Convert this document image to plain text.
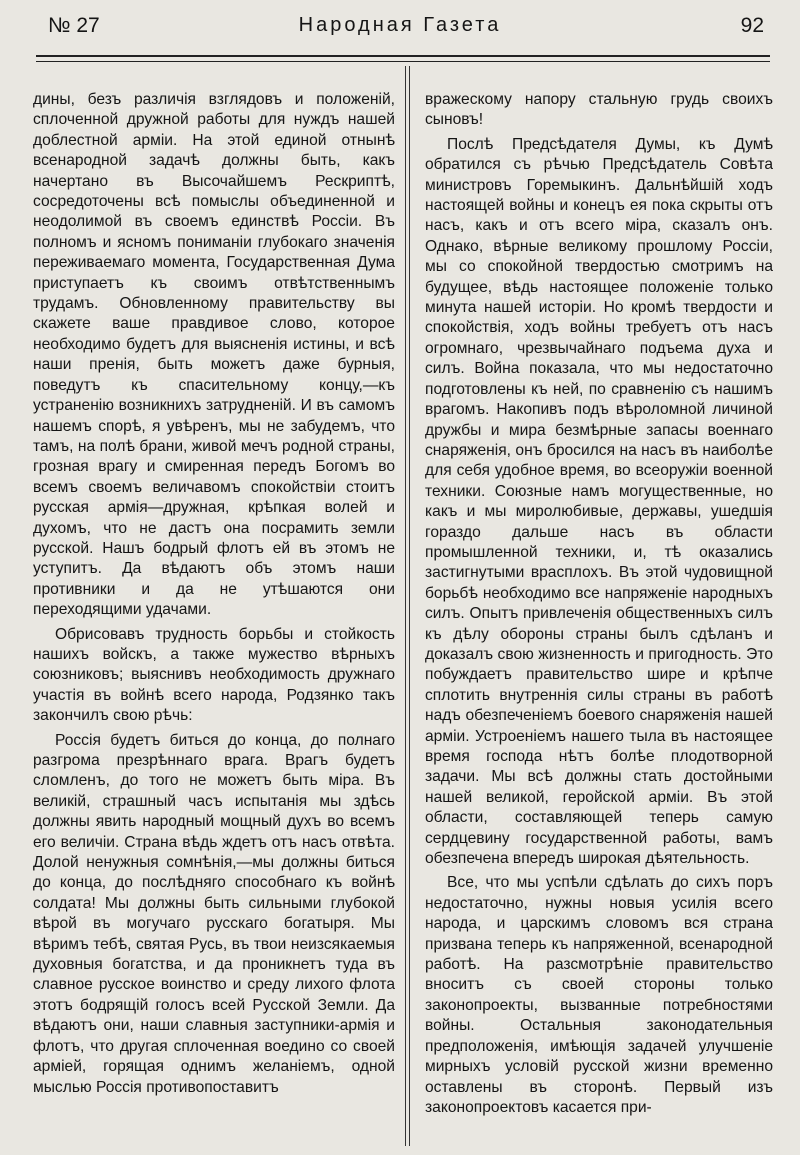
№ 27	Народная Газета	92

дины, безъ различія взглядовъ и положеній, сплоченной дружной работы для нуждъ нашей доблестной арміи. На этой единой отнынѣ всенародной задачѣ должны быть, какъ начертано въ Высочайшемъ Рескриптѣ, сосредоточены всѣ помыслы объединенной и неодолимой въ своемъ единствѣ Россіи. Въ полномъ и ясномъ пониманіи глубокаго значенія переживаемаго момента, Государственная Дума приступаетъ къ своимъ отвѣтственнымъ трудамъ. Обновленному правительству вы скажете ваше правдивое слово, которое необходимо будетъ для выясненія истины, и всѣ наши пренія, быть можетъ даже бурныя, поведутъ къ спасительному концу,—къ устраненію возникнихъ затрудненій. И въ самомъ нашемъ спорѣ, я увѣренъ, мы не забудемъ, что тамъ, на полѣ брани, живой мечъ родной страны, грозная врагу и смиренная передъ Богомъ во всемъ своемъ величавомъ спокойствіи стоитъ русская армія—дружная, крѣпкая волей и духомъ, что не дастъ она посрамить земли русской. Нашъ бодрый флотъ ей въ этомъ не уступитъ. Да вѣдаютъ объ этомъ наши противники и да не утѣшаются они переходящими удачами.

Обрисовавъ трудность борьбы и стойкость нашихъ войскъ, а также мужество вѣрныхъ союзниковъ; выяснивъ необходимость дружнаго участія въ войнѣ всего народа, Родзянко такъ закончилъ свою рѣчь:

Россія будетъ биться до конца, до полнаго разгрома презрѣннаго врага. Врагъ будетъ сломленъ, до того не можетъ быть міра. Въ великій, страшный часъ испытанія мы здѣсь должны явить народный мощный духъ во всемъ его величіи. Страна вѣдь ждетъ отъ насъ отвѣта. Долой ненужныя сомнѣнія,—мы должны биться до конца, до послѣдняго способнаго къ войнѣ солдата! Мы должны быть сильными глубокой вѣрой въ могучаго русскаго богатыря. Мы вѣримъ тебѣ, святая Русь, въ твои неизсякаемыя духовныя богатства, и да проникнетъ туда въ славное русское воинство и среду лихого флота этотъ бодрящій голосъ всей Русской Земли. Да вѣдаютъ они, наши славныя заступники-армія и флотъ, что другая сплоченная воедино со своей арміей, горящая однимъ желаніемъ, одной мыслью Россія противопоставитъ

вражескому напору стальную грудь своихъ сыновъ!

Послѣ Предсѣдателя Думы, къ Думѣ обратился съ рѣчью Предсѣдатель Совѣта министровъ Горемыкинъ. Дальнѣйшій ходъ настоящей войны и конецъ ея пока скрыты отъ насъ, какъ и отъ всего міра, сказалъ онъ. Однако, вѣрные великому прошлому Россіи, мы со спокойной твердостью смотримъ на будущее, вѣдь настоящее положеніе только минута нашей исторіи. Но кромѣ твердости и спокойствія, ходъ войны требуетъ отъ насъ огромнаго, чрезвычайнаго подъема духа и силъ. Война показала, что мы недостаточно подготовлены къ ней, по сравненію съ нашимъ врагомъ. Накопивъ подъ вѣроломной личиной дружбы и мира безмѣрные запасы военнаго снаряженія, онъ бросился на насъ въ наиболѣе для себя удобное время, во всеоружіи военной техники. Союзные намъ могущественные, но какъ и мы миролюбивые, державы, ушедшія гораздо дальше насъ въ области промышленной техники, и, тѣ оказались застигнутыми врасплохъ. Въ этой чудовищной борьбѣ необходимо все напряженіе народныхъ силъ. Опытъ привлеченія общественныхъ силъ къ дѣлу обороны страны былъ сдѣланъ и доказалъ свою жизненность и пригодность. Это побуждаетъ правительство шире и крѣпче сплотить внутреннія силы страны въ работѣ надъ обезпеченіемъ боевого снаряженія нашей арміи. Устроеніемъ нашего тыла въ настоящее время господа нѣтъ болѣе плодотворной задачи. Мы всѣ должны стать достойными нашей великой, геройской арміи. Въ этой области, составляющей теперь самую сердцевину государственной работы, вамъ обезпечена впередъ широкая дѣятельность.

Все, что мы успѣли сдѣлать до сихъ поръ недостаточно, нужны новыя усилія всего народа, и царскимъ словомъ вся страна призвана теперь къ напряженной, всенародной работѣ. На разсмотрѣніе правительство вноситъ съ своей стороны только законопроекты, вызванные потребностями войны. Остальныя законодательныя предположенія, имѣющія задачей улучшеніе мирныхъ условій русской жизни временно оставлены въ сторонѣ. Первый изъ законопроектовъ касается при-
